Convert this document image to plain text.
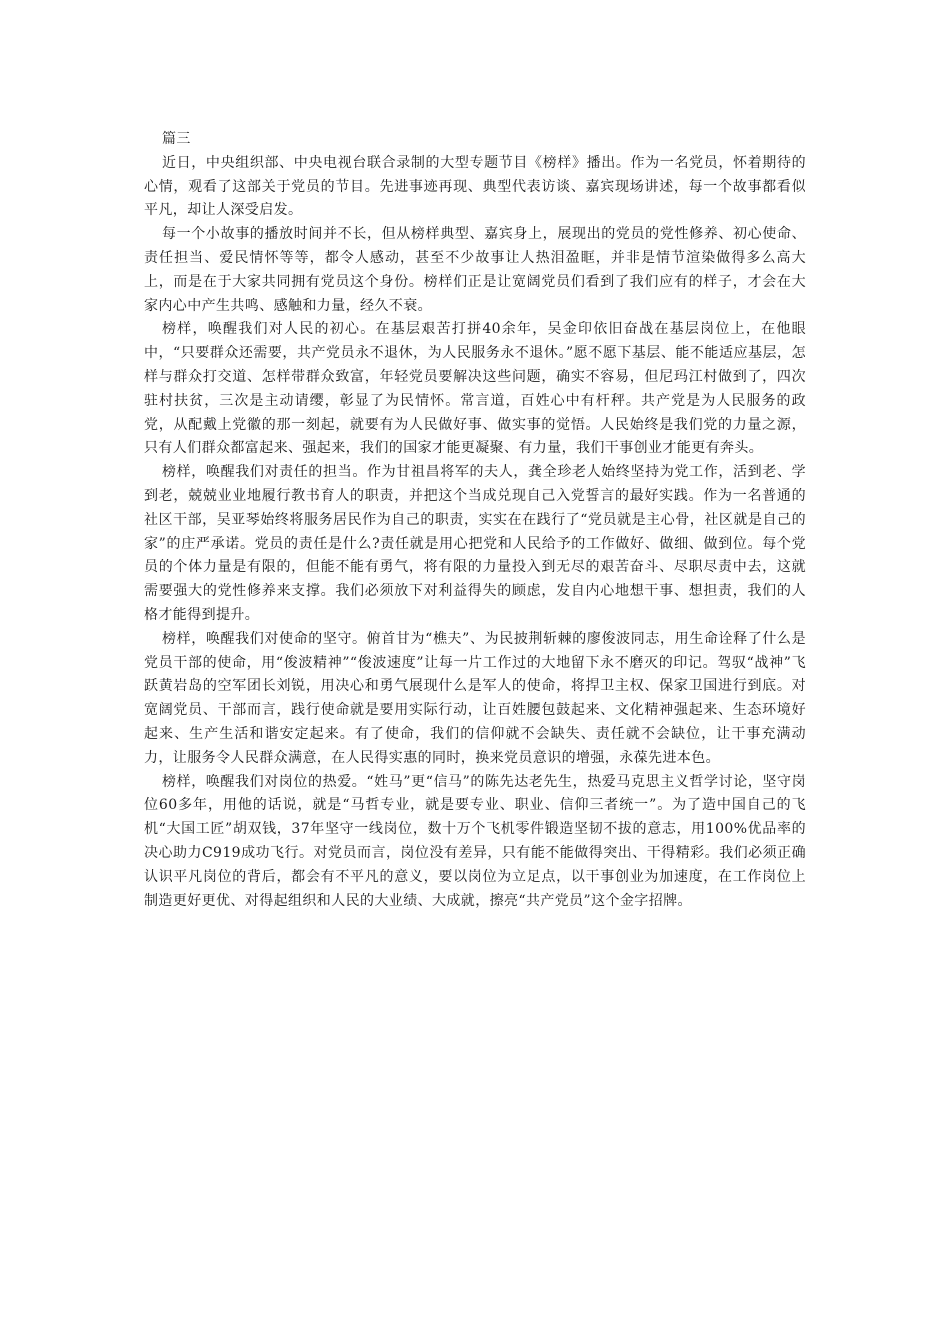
篇三

近日，中央组织部、中央电视台联合录制的大型专题节目《榜样》播出。作为一名党员，怀着期待的心情，观看了这部关于党员的节目。先进事迹再现、典型代表访谈、嘉宾现场讲述，每一个故事都看似平凡，却让人深受启发。

每一个小故事的播放时间并不长，但从榜样典型、嘉宾身上，展现出的党员的党性修养、初心使命、责任担当、爱民情怀等等，都令人感动，甚至不少故事让人热泪盈眶，并非是情节渲染做得多么高大上，而是在于大家共同拥有党员这个身份。榜样们正是让宽阔党员们看到了我们应有的样子，才会在大家内心中产生共鸣、感触和力量，经久不衰。

榜样，唤醒我们对人民的初心。在基层艰苦打拼40余年，吴金印依旧奋战在基层岗位上，在他眼中，“只要群众还需要，共产党员永不退休，为人民服务永不退休。”愿不愿下基层、能不能适应基层，怎样与群众打交道、怎样带群众致富，年轻党员要解决这些问题，确实不容易，但尼玛江村做到了，四次驻村扶贫，三次是主动请缨，彰显了为民情怀。常言道，百姓心中有杆秤。共产党是为人民服务的政党，从配戴上党徽的那一刻起，就要有为人民做好事、做实事的觉悟。人民始终是我们党的力量之源，只有人们群众都富起来、强起来，我们的国家才能更凝聚、有力量，我们干事创业才能更有奔头。

榜样，唤醒我们对责任的担当。作为甘祖昌将军的夫人，龚全珍老人始终坚持为党工作，活到老、学到老，兢兢业业地履行教书育人的职责，并把这个当成兑现自己入党誓言的最好实践。作为一名普通的社区干部，吴亚琴始终将服务居民作为自己的职责，实实在在践行了“党员就是主心骨，社区就是自己的家”的庄严承诺。党员的责任是什么?责任就是用心把党和人民给予的工作做好、做细、做到位。每个党员的个体力量是有限的，但能不能有勇气，将有限的力量投入到无尽的艰苦奋斗、尽职尽责中去，这就需要强大的党性修养来支撑。我们必须放下对利益得失的顾虑，发自内心地想干事、想担责，我们的人格才能得到提升。

榜样，唤醒我们对使命的坚守。俯首甘为“樵夫”、为民披荆斩棘的廖俊波同志，用生命诠释了什么是党员干部的使命，用“俊波精神”“俊波速度”让每一片工作过的大地留下永不磨灭的印记。驾驭“战神”飞跃黄岩岛的空军团长刘锐，用决心和勇气展现什么是军人的使命，将捍卫主权、保家卫国进行到底。对宽阔党员、干部而言，践行使命就是要用实际行动，让百姓腰包鼓起来、文化精神强起来、生态环境好起来、生产生活和谐安定起来。有了使命，我们的信仰就不会缺失、责任就不会缺位，让干事充满动力，让服务令人民群众满意，在人民得实惠的同时，换来党员意识的增强，永葆先进本色。

榜样，唤醒我们对岗位的热爱。“姓马”更“信马”的陈先达老先生，热爱马克思主义哲学讨论，坚守岗位60多年，用他的话说，就是“马哲专业，就是要专业、职业、信仰三者统一”。为了造中国自己的飞机“大国工匠”胡双钱，37年坚守一线岗位，数十万个飞机零件锻造坚韧不拔的意志，用100%优品率的决心助力C919成功飞行。对党员而言，岗位没有差异，只有能不能做得突出、干得精彩。我们必须正确认识平凡岗位的背后，都会有不平凡的意义，要以岗位为立足点，以干事创业为加速度，在工作岗位上制造更好更优、对得起组织和人民的大业绩、大成就，擦亮“共产党员”这个金字招牌。
